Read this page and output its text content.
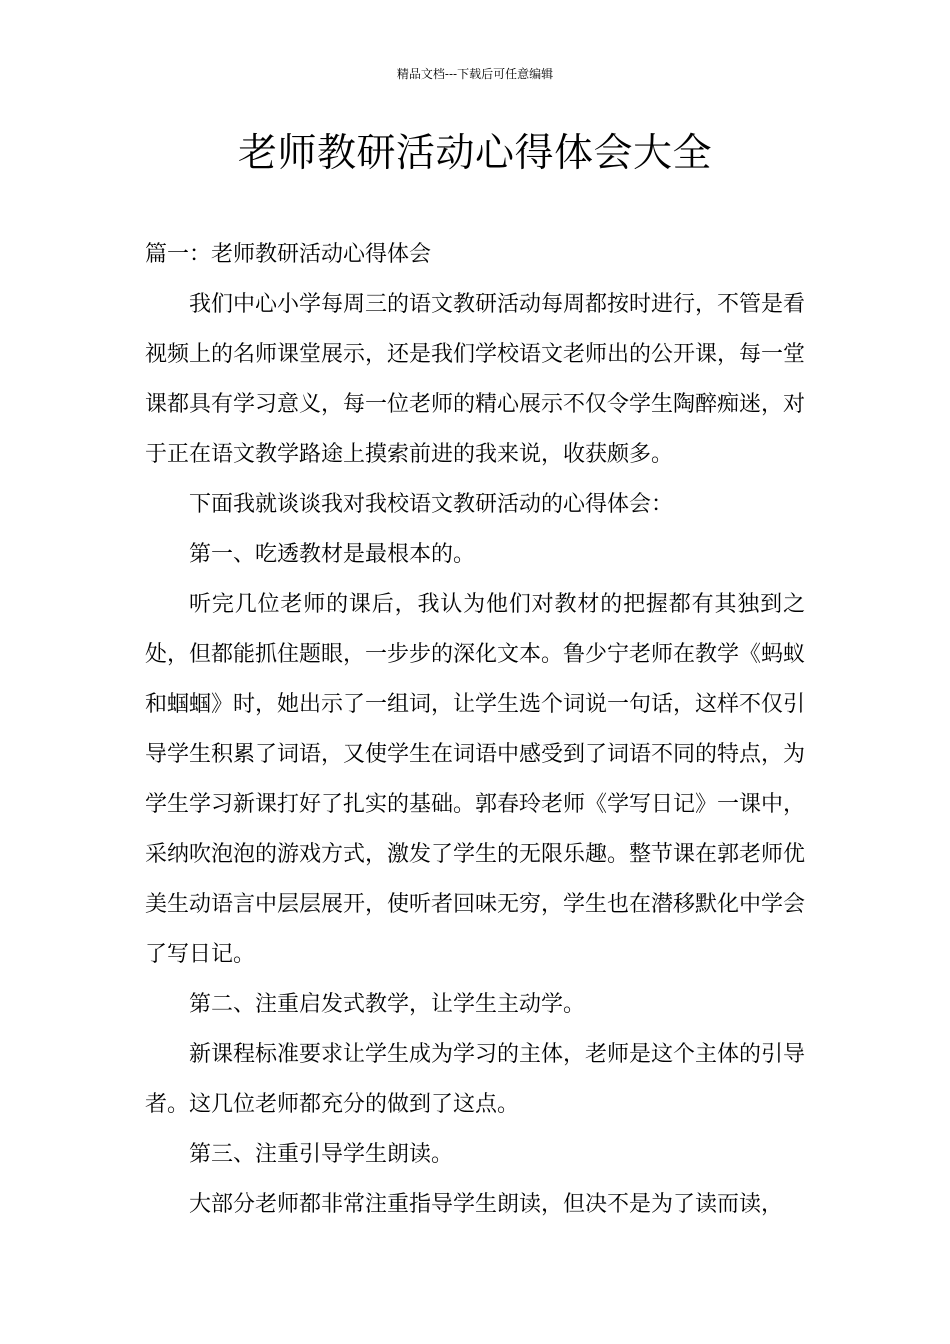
精品文档---下载后可任意编辑
老师教研活动心得体会大全

篇一：老师教研活动心得体会

我们中心小学每周三的语文教研活动每周都按时进行，不管是看视频上的名师课堂展示，还是我们学校语文老师出的公开课，每一堂课都具有学习意义，每一位老师的精心展示不仅令学生陶醉痴迷，对于正在语文教学路途上摸索前进的我来说，收获颇多。

下面我就谈谈我对我校语文教研活动的心得体会：

第一、吃透教材是最根本的。

听完几位老师的课后，我认为他们对教材的把握都有其独到之处，但都能抓住题眼，一步步的深化文本。鲁少宁老师在教学《蚂蚁和蝈蝈》时，她出示了一组词，让学生选个词说一句话，这样不仅引导学生积累了词语，又使学生在词语中感受到了词语不同的特点，为学生学习新课打好了扎实的基础。郭春玲老师《学写日记》一课中，采纳吹泡泡的游戏方式，激发了学生的无限乐趣。整节课在郭老师优美生动语言中层层展开，使听者回味无穷，学生也在潜移默化中学会了写日记。

第二、注重启发式教学，让学生主动学。

新课程标准要求让学生成为学习的主体，老师是这个主体的引导者。这几位老师都充分的做到了这点。

第三、注重引导学生朗读。

大部分老师都非常注重指导学生朗读，但决不是为了读而读，
